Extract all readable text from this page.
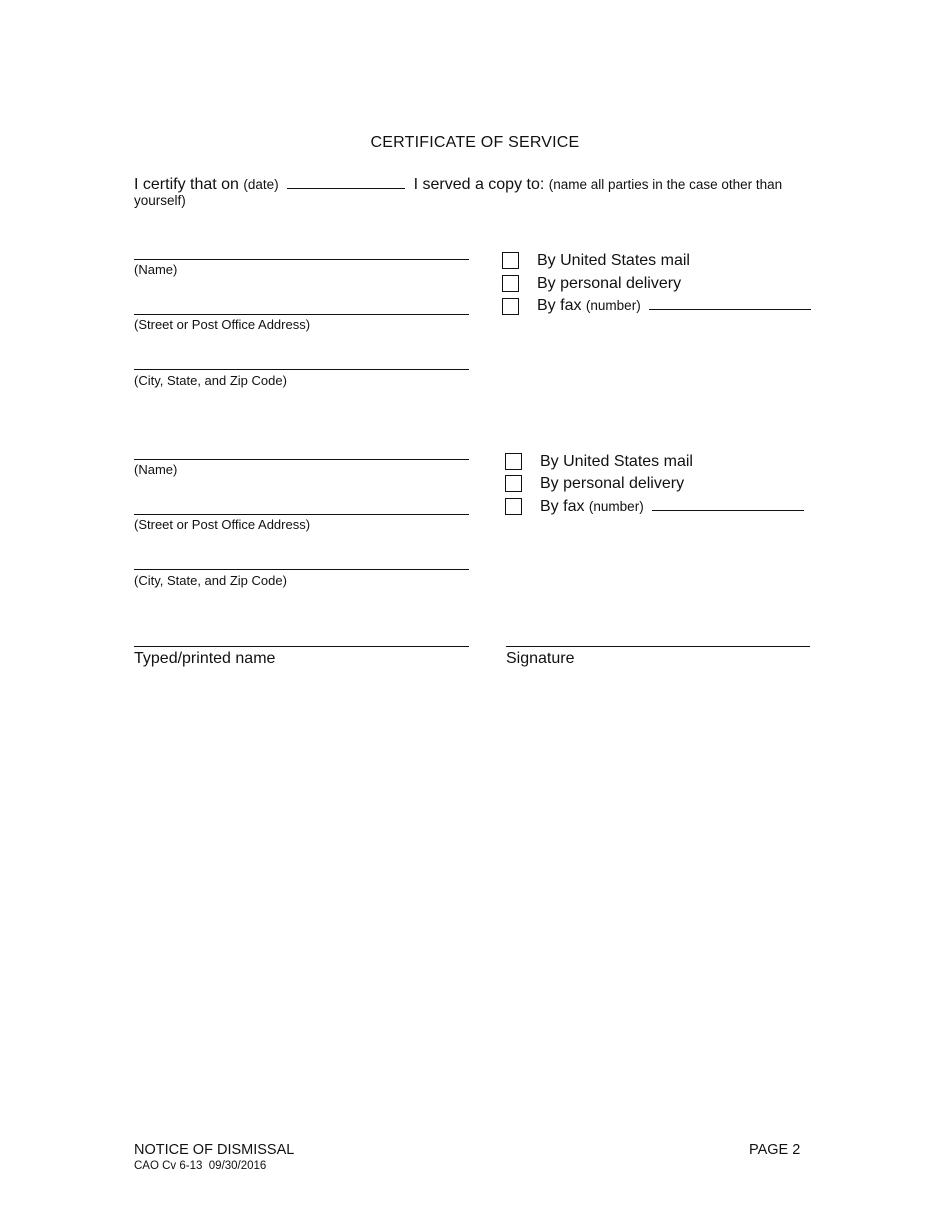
CERTIFICATE OF SERVICE
I certify that on (date)	I served a copy to: (name all parties in the case other than
yourself)
(Name)
(Street or Post Office Address)
(City, State, and Zip Code)
By United States mail
By personal delivery
By fax (number)
(Name)
(Street or Post Office Address)
(City, State, and Zip Code)
By United States mail
By personal delivery
By fax (number)
Typed/printed name	Signature
NOTICE OF DISMISSAL
CAO Cv 6-13  09/30/2016
PAGE 2
